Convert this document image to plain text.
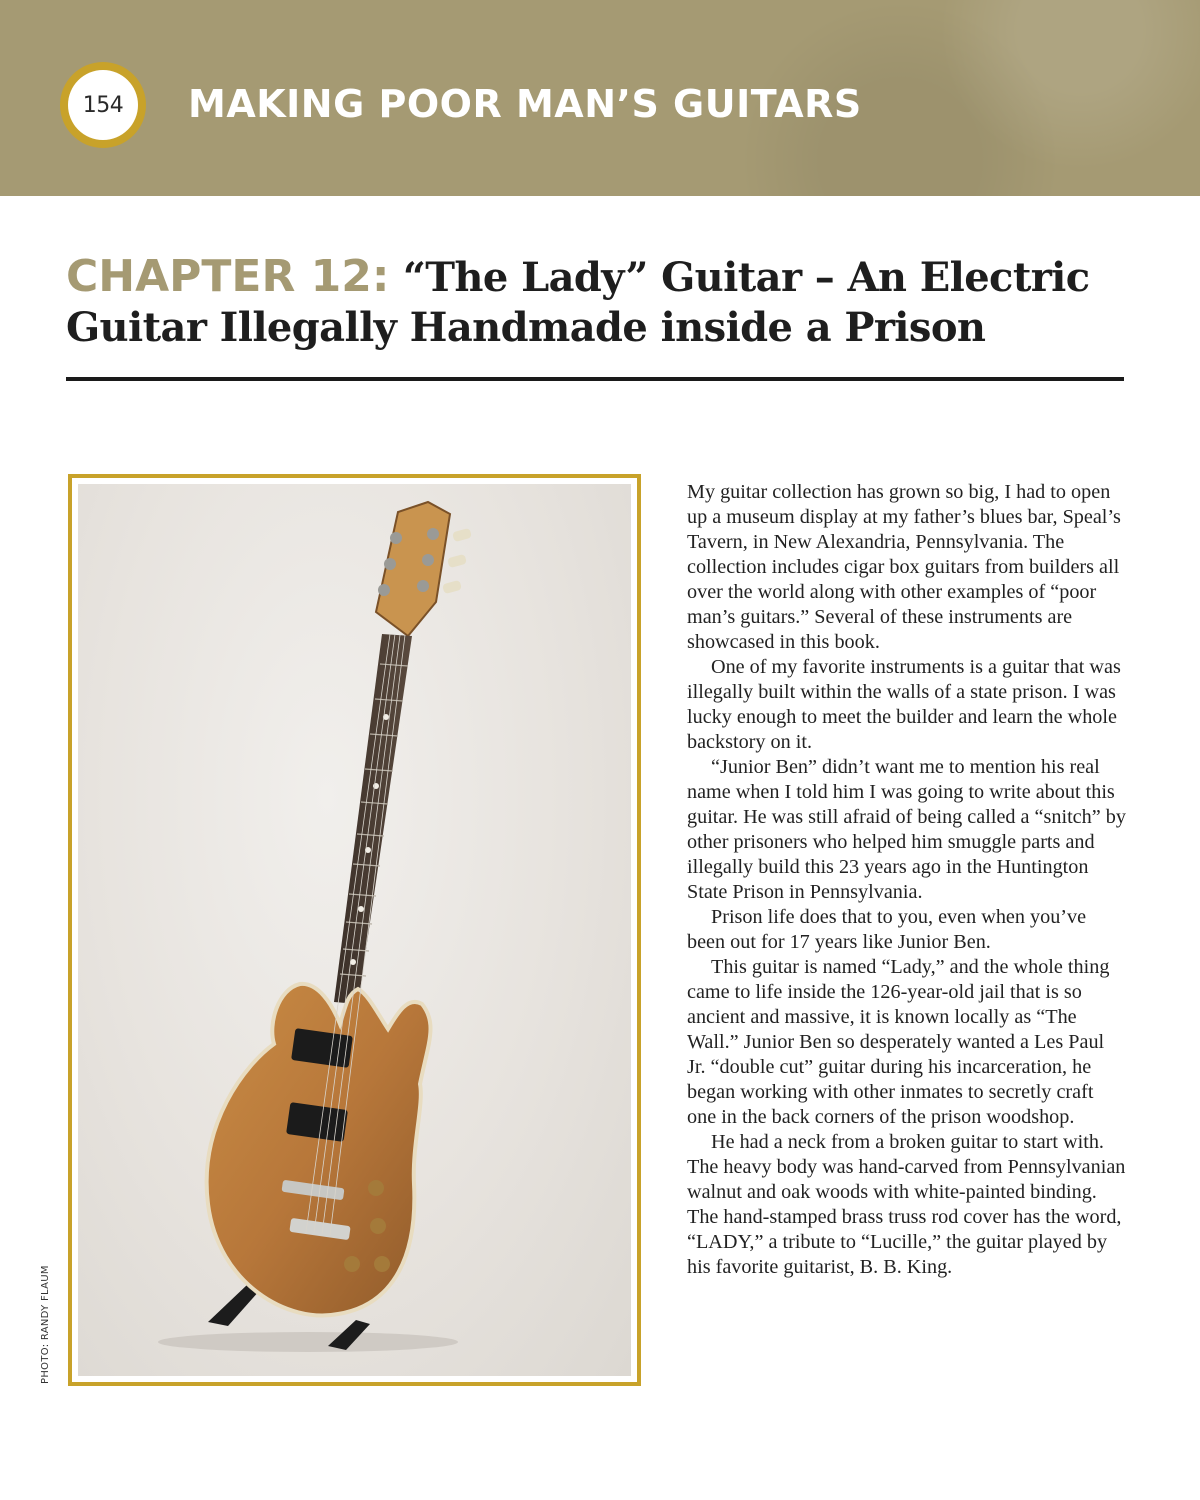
154	MAKING POOR MAN’S GUITARS
CHAPTER 12: “The Lady” Guitar – An Electric Guitar Illegally Handmade inside a Prison
PHOTO: RANDY FLAUM

My guitar collection has grown so big, I had to open up a museum display at my father’s blues bar, Speal’s Tavern, in New Alexandria, Pennsylvania. The collection includes cigar box guitars from builders all over the world along with other examples of “poor man’s guitars.” Several of these instruments are showcased in this book.

One of my favorite instruments is a guitar that was illegally built within the walls of a state prison. I was lucky enough to meet the builder and learn the whole backstory on it.

“Junior Ben” didn’t want me to mention his real name when I told him I was going to write about this guitar. He was still afraid of being called a “snitch” by other prisoners who helped him smuggle parts and illegally build this 23 years ago in the Huntington State Prison in Pennsylvania.

Prison life does that to you, even when you’ve been out for 17 years like Junior Ben.

This guitar is named “Lady,” and the whole thing came to life inside the 126-year-old jail that is so ancient and massive, it is known locally as “The Wall.” Junior Ben so desperately wanted a Les Paul Jr. “double cut” guitar during his incarceration, he began working with other inmates to secretly craft one in the back corners of the prison woodshop.

He had a neck from a broken guitar to start with. The heavy body was hand-carved from Pennsylvanian walnut and oak woods with white-painted binding. The hand-stamped brass truss rod cover has the word, “LADY,” a tribute to “Lucille,” the guitar played by his favorite guitarist, B. B. King.
